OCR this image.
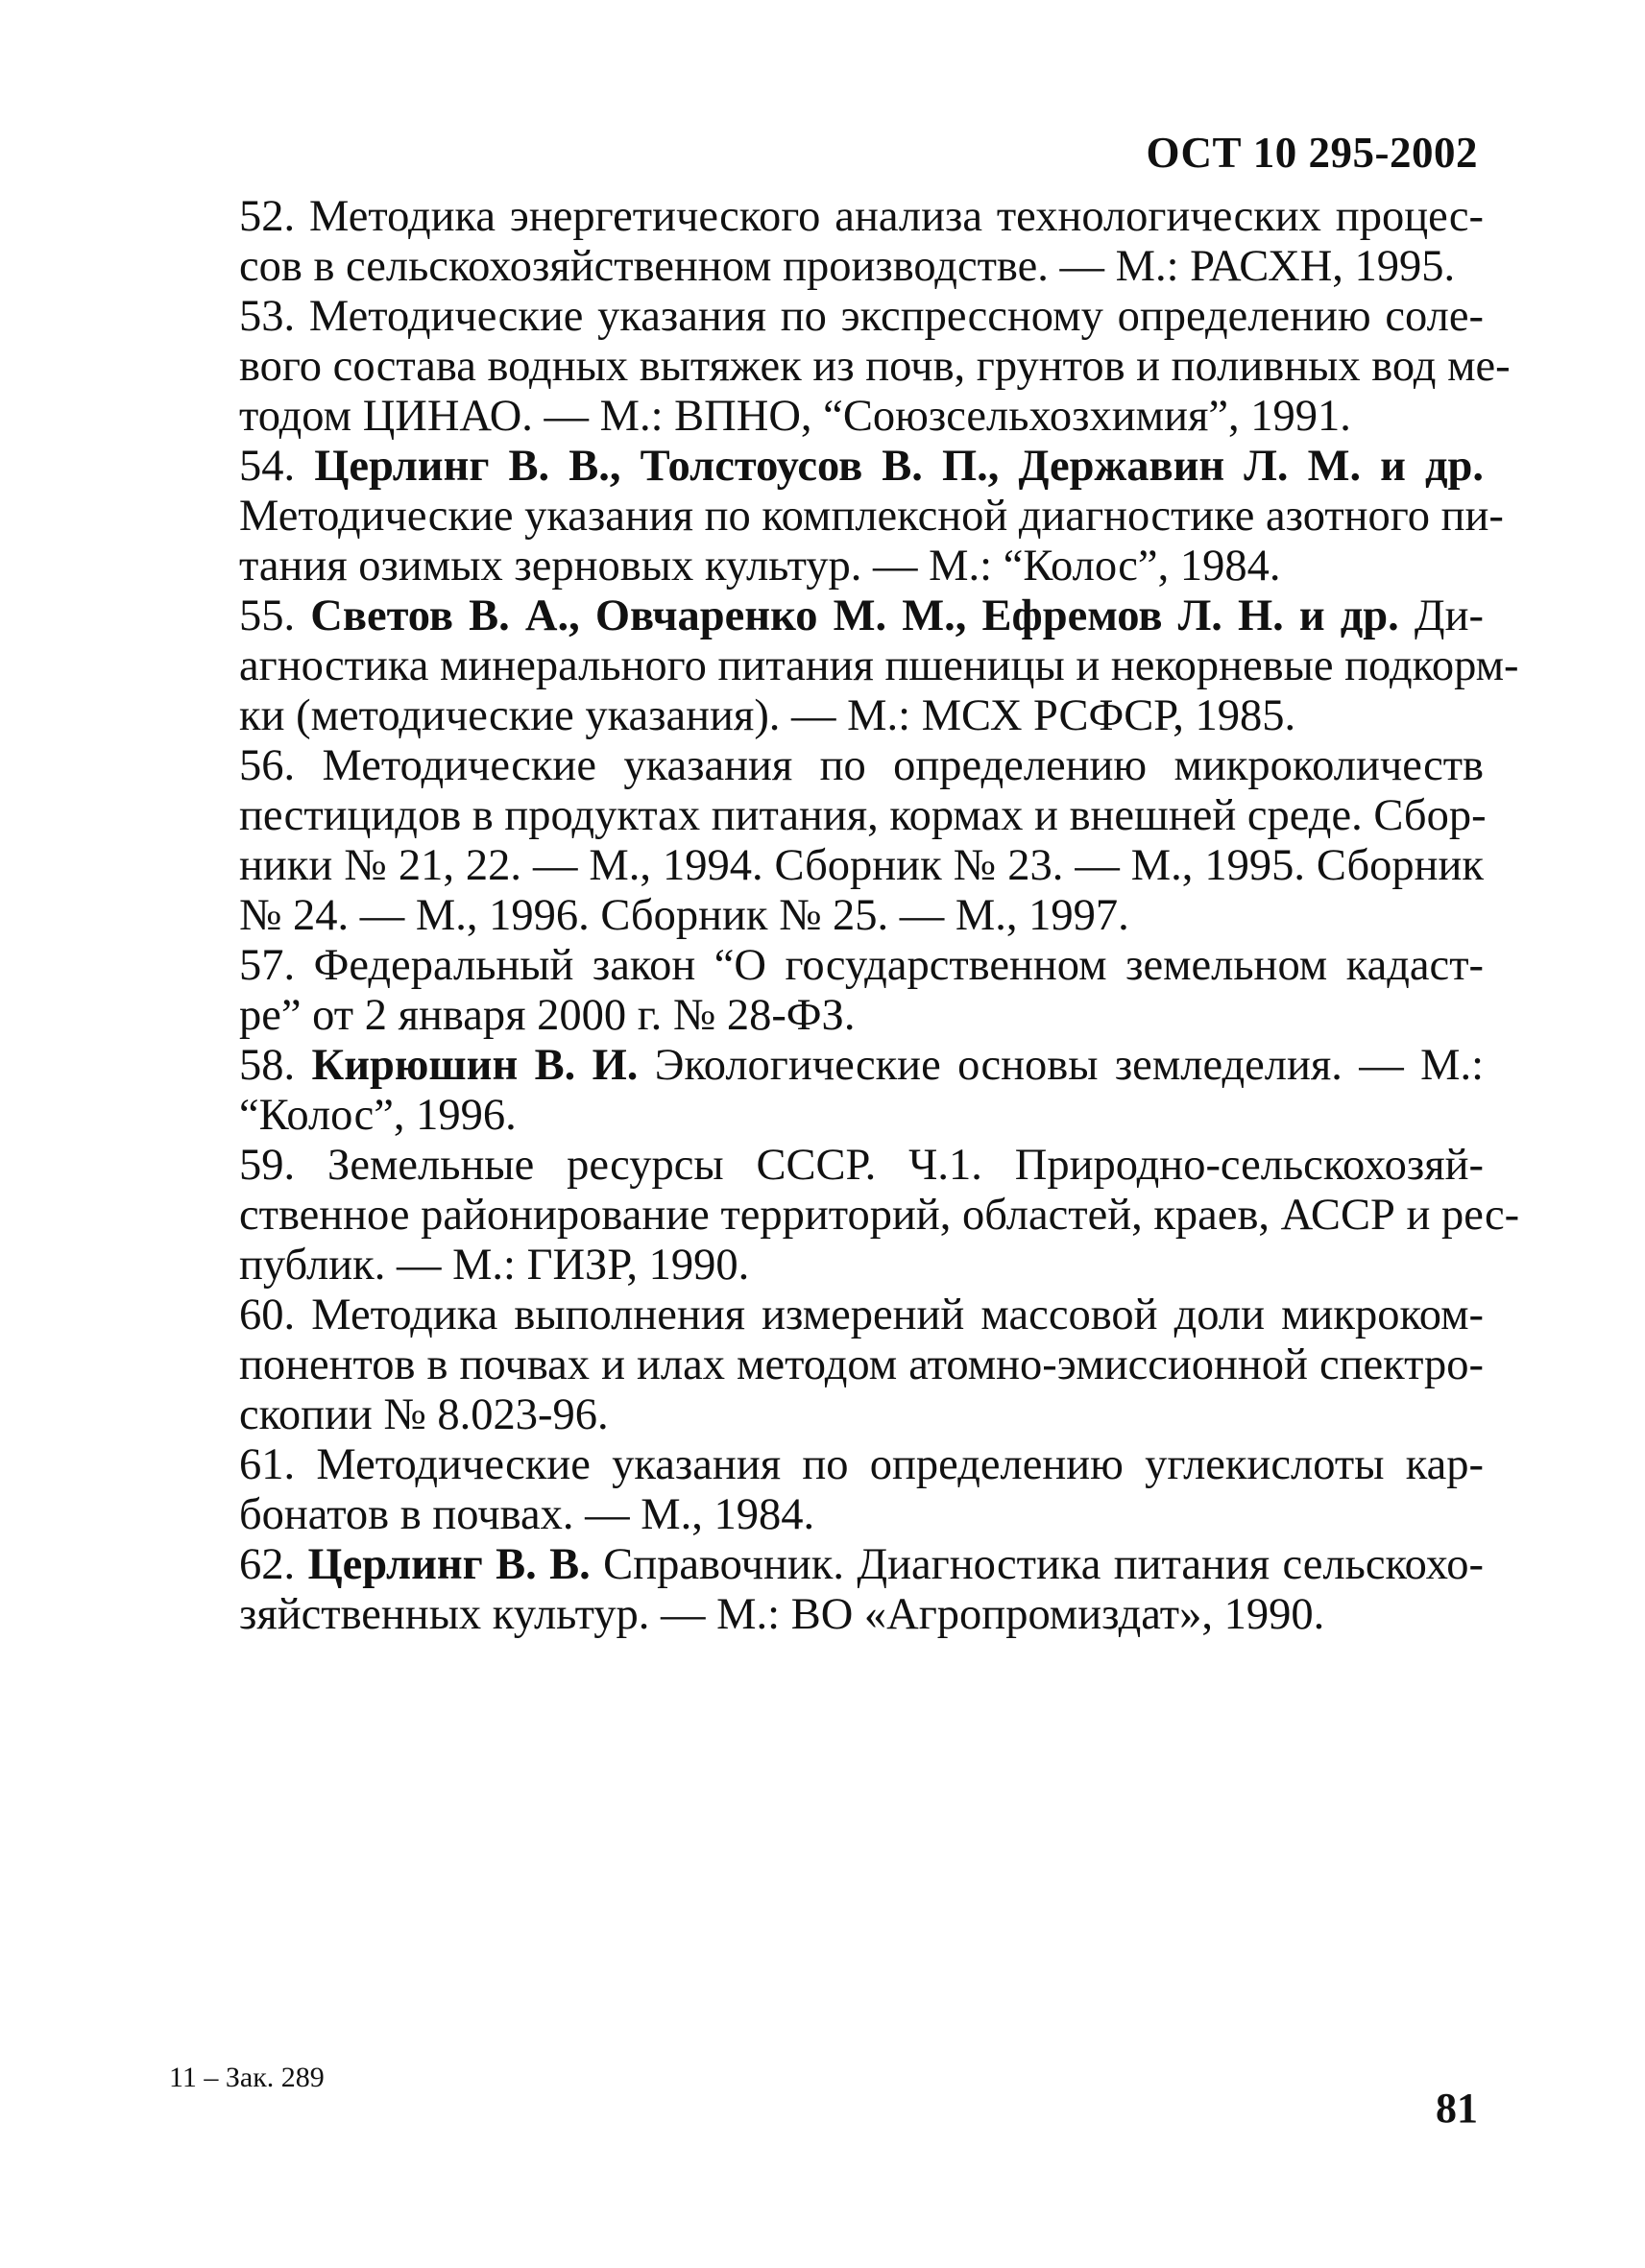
ОСТ 10 295-2002
52. Методика энергетического анализа технологических процес-
сов в сельскохозяйственном производстве. — М.: РАСХН, 1995.
53. Методические указания по экспрессному определению соле-
вого состава водных вытяжек из почв, грунтов и поливных вод ме-
тодом ЦИНАО. — М.: ВПНО, “Союзсельхозхимия”, 1991.
54. Церлинг В. В., Толстоусов В. П., Державин Л. М. и др.
Методические указания по комплексной диагностике азотного пи-
тания озимых зерновых культур. — М.: “Колос”, 1984.
55. Светов В. А., Овчаренко М. М., Ефремов Л. Н. и др. Ди-
агностика минерального питания пшеницы и некорневые подкорм-
ки (методические указания). — М.: МСХ РСФСР, 1985.
56. Методические указания по определению микроколичеств
пестицидов в продуктах питания, кормах и внешней среде. Сбор-
ники № 21, 22. — М., 1994. Сборник № 23. — М., 1995. Сборник
№ 24. — М., 1996. Сборник № 25. — М., 1997.
57. Федеральный закон “О государственном земельном кадаст-
ре” от 2 января 2000 г. № 28-ФЗ.
58. Кирюшин В. И. Экологические основы земледелия. — М.:
“Колос”, 1996.
59. Земельные ресурсы СССР. Ч.1. Природно-сельскохозяй-
ственное районирование территорий, областей, краев, АССР и рес-
публик. — М.: ГИЗР, 1990.
60. Методика выполнения измерений массовой доли микроком-
понентов в почвах и илах методом атомно-эмиссионной спектро-
скопии № 8.023-96.
61. Методические указания по определению углекислоты кар-
бонатов в почвах. — М., 1984.
62. Церлинг В. В. Справочник. Диагностика питания сельскохо-
зяйственных культур. — М.: ВО «Агропромиздат», 1990.
11 – Зак. 289
81
